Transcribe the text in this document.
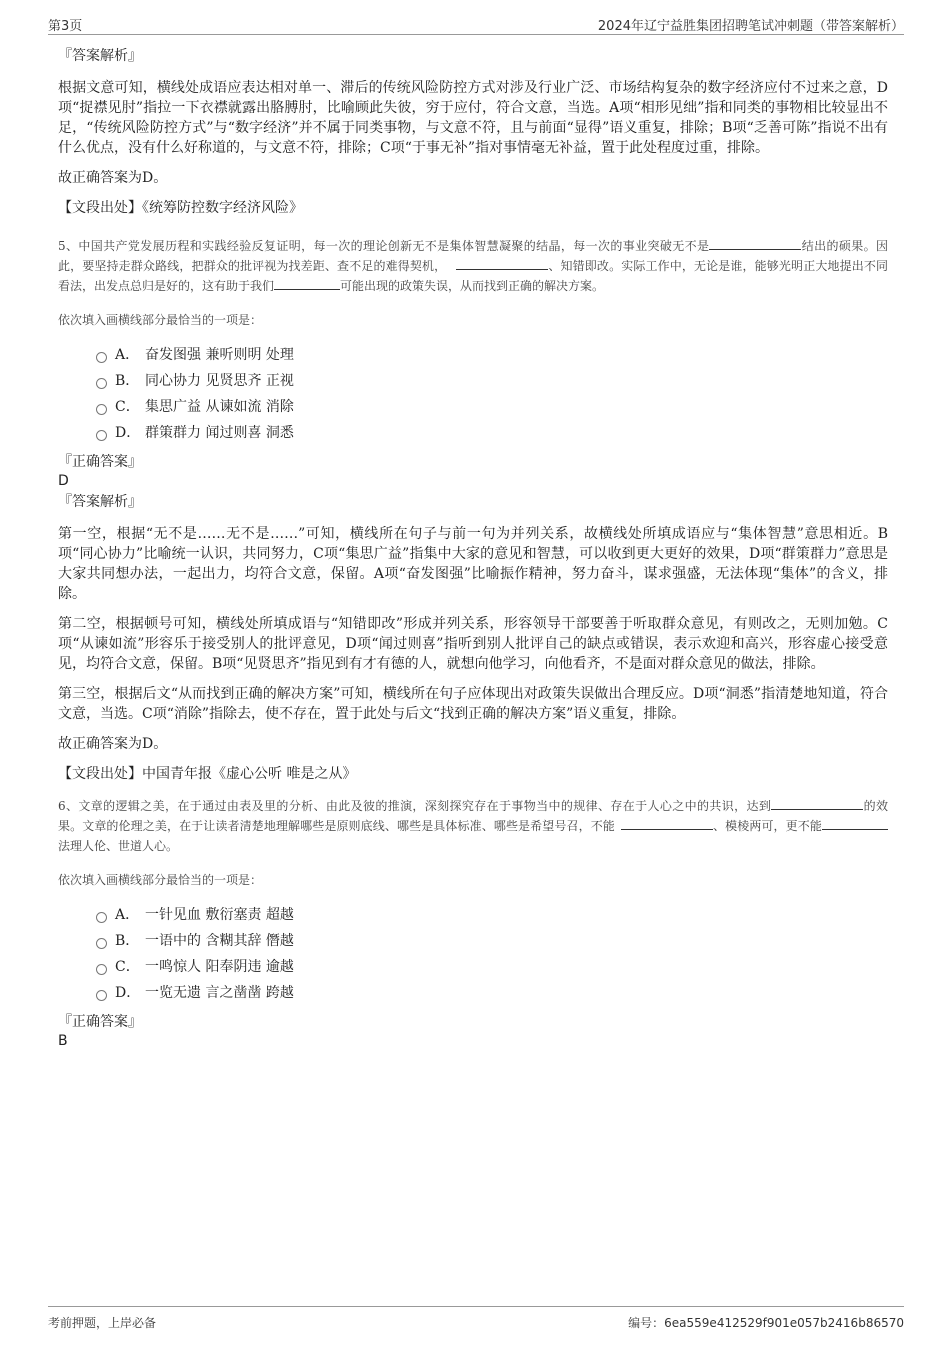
第3页	2024年辽宁益胜集团招聘笔试冲刺题（带答案解析）

『答案解析』

根据文意可知，横线处成语应表达相对单一、滞后的传统风险防控方式对涉及行业广泛、市场结构复杂的数字经济应付不过来之意，D项“捉襟见肘”指拉一下衣襟就露出胳膊肘，比喻顾此失彼，穷于应付，符合文意，当选。A项“相形见绌”指和同类的事物相比较显出不足，“传统风险防控方式”与“数字经济”并不属于同类事物，与文意不符，且与前面“显得”语义重复，排除；B项“乏善可陈”指说不出有什么优点，没有什么好称道的，与文意不符，排除；C项“于事无补”指对事情毫无补益，置于此处程度过重，排除。

故正确答案为D。

【文段出处】《统筹防控数字经济风险》

5、中国共产党发展历程和实践经验反复证明，每一次的理论创新无不是集体智慧凝聚的结晶，每一次的事业突破无不是	结出的硕果。因此，要坚持走群众路线，把群众的批评视为找差距、查不足的难得契机，	、知错即改。实际工作中，无论是谁，能够光明正大地提出不同看法，出发点总归是好的，这有助于我们	可能出现的政策失误，从而找到正确的解决方案。

依次填入画横线部分最恰当的一项是：

A． 奋发图强 兼听则明 处理
B． 同心协力 见贤思齐 正视
C． 集思广益 从谏如流 消除
D． 群策群力 闻过则喜 洞悉

『正确答案』

D

『答案解析』

第一空，根据“无不是……无不是……”可知，横线所在句子与前一句为并列关系，故横线处所填成语应与“集体智慧”意思相近。B项“同心协力”比喻统一认识，共同努力，C项“集思广益”指集中大家的意见和智慧，可以收到更大更好的效果，D项“群策群力”意思是大家共同想办法，一起出力，均符合文意，保留。A项“奋发图强”比喻振作精神，努力奋斗，谋求强盛，无法体现“集体”的含义，排除。

第二空，根据顿号可知，横线处所填成语与“知错即改”形成并列关系，形容领导干部要善于听取群众意见，有则改之，无则加勉。C项“从谏如流”形容乐于接受别人的批评意见，D项“闻过则喜”指听到别人批评自己的缺点或错误，表示欢迎和高兴，形容虚心接受意见，均符合文意，保留。B项“见贤思齐”指见到有才有德的人，就想向他学习，向他看齐，不是面对群众意见的做法，排除。

第三空，根据后文“从而找到正确的解决方案”可知，横线所在句子应体现出对政策失误做出合理反应。D项“洞悉”指清楚地知道，符合文意，当选。C项“消除”指除去，使不存在，置于此处与后文“找到正确的解决方案”语义重复，排除。

故正确答案为D。

【文段出处】中国青年报《虚心公听 唯是之从》

6、文章的逻辑之美，在于通过由表及里的分析、由此及彼的推演，深刻探究存在于事物当中的规律、存在于人心之中的共识，达到	的效果。文章的伦理之美，在于让读者清楚地理解哪些是原则底线、哪些是具体标准、哪些是希望号召，不能	、模棱两可，更不能法理人伦、世道人心。

依次填入画横线部分最恰当的一项是：

A． 一针见血 敷衍塞责 超越
B． 一语中的 含糊其辞 僭越
C． 一鸣惊人 阳奉阴违 逾越
D． 一览无遗 言之凿凿 跨越

『正确答案』

B

考前押题，上岸必备	编号：6ea559e412529f901e057b2416b86570
